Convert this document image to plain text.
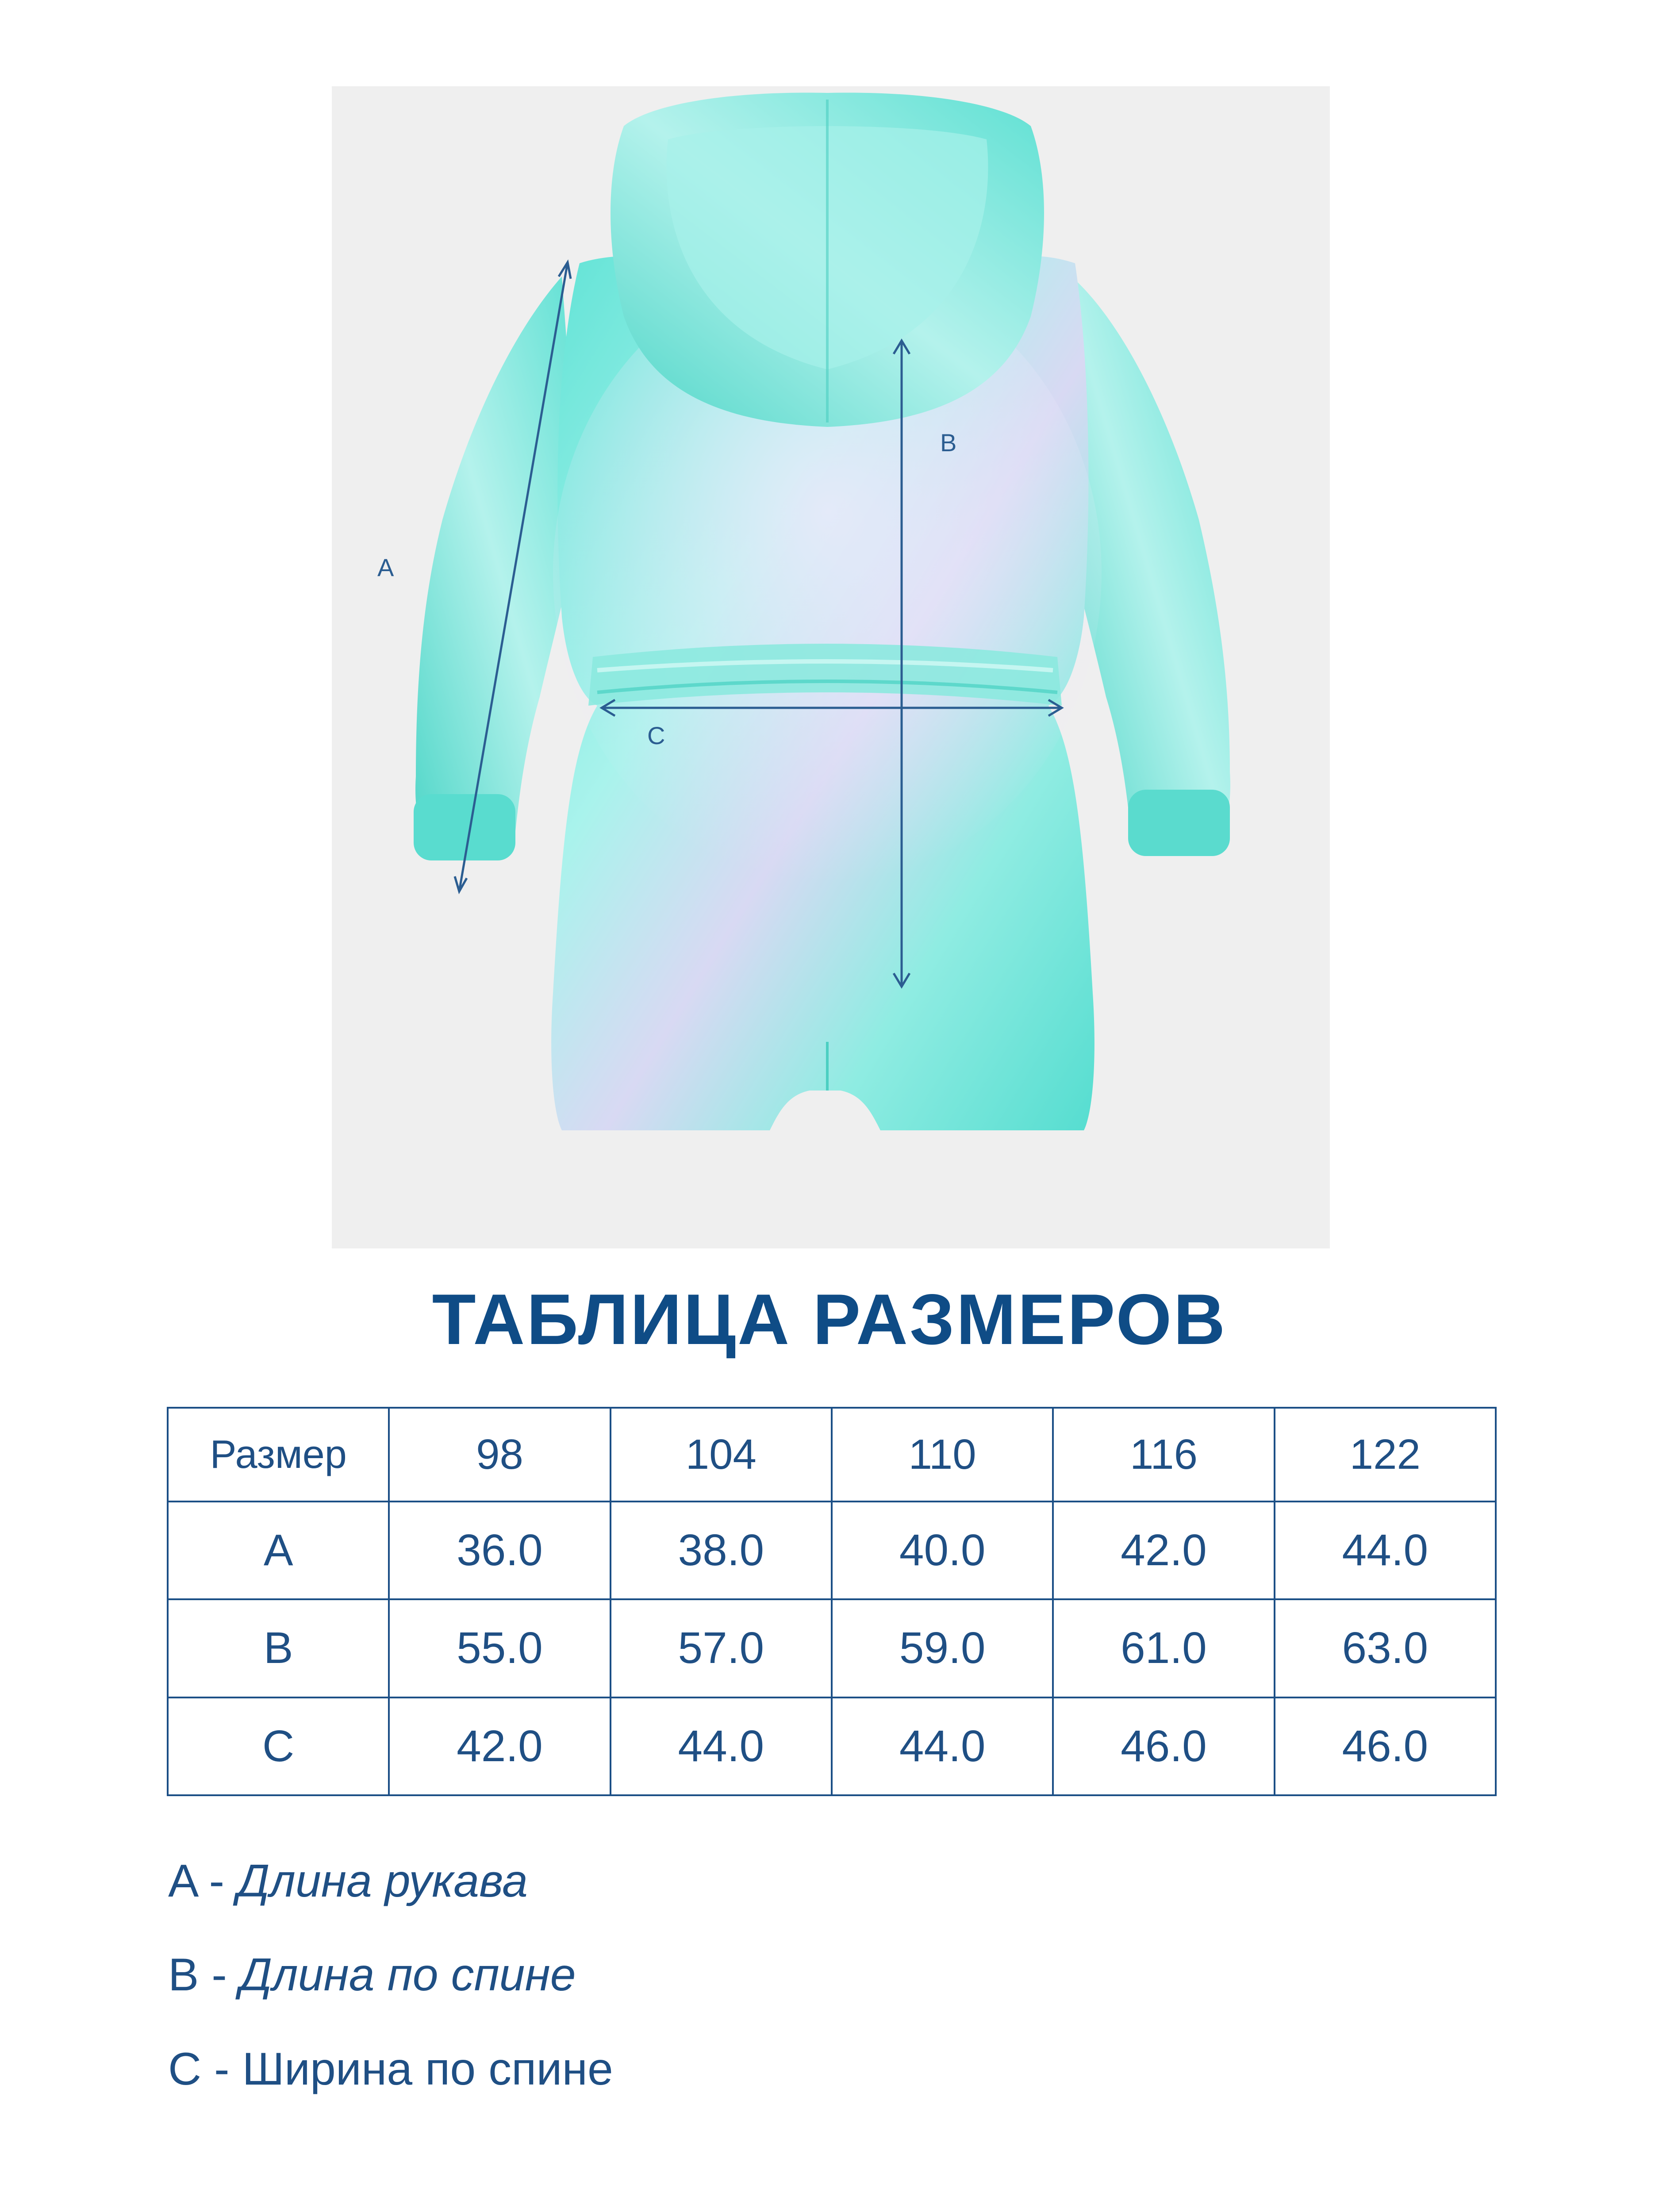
A
B
C
ТАБЛИЦА РАЗМЕРОВ
Размер	98	104	110	116	122
A	36.0	38.0	40.0	42.0	44.0
B	55.0	57.0	59.0	61.0	63.0
C	42.0	44.0	44.0	46.0	46.0
A - Длина рукава
B - Длина по спине
C - Ширина по спине
